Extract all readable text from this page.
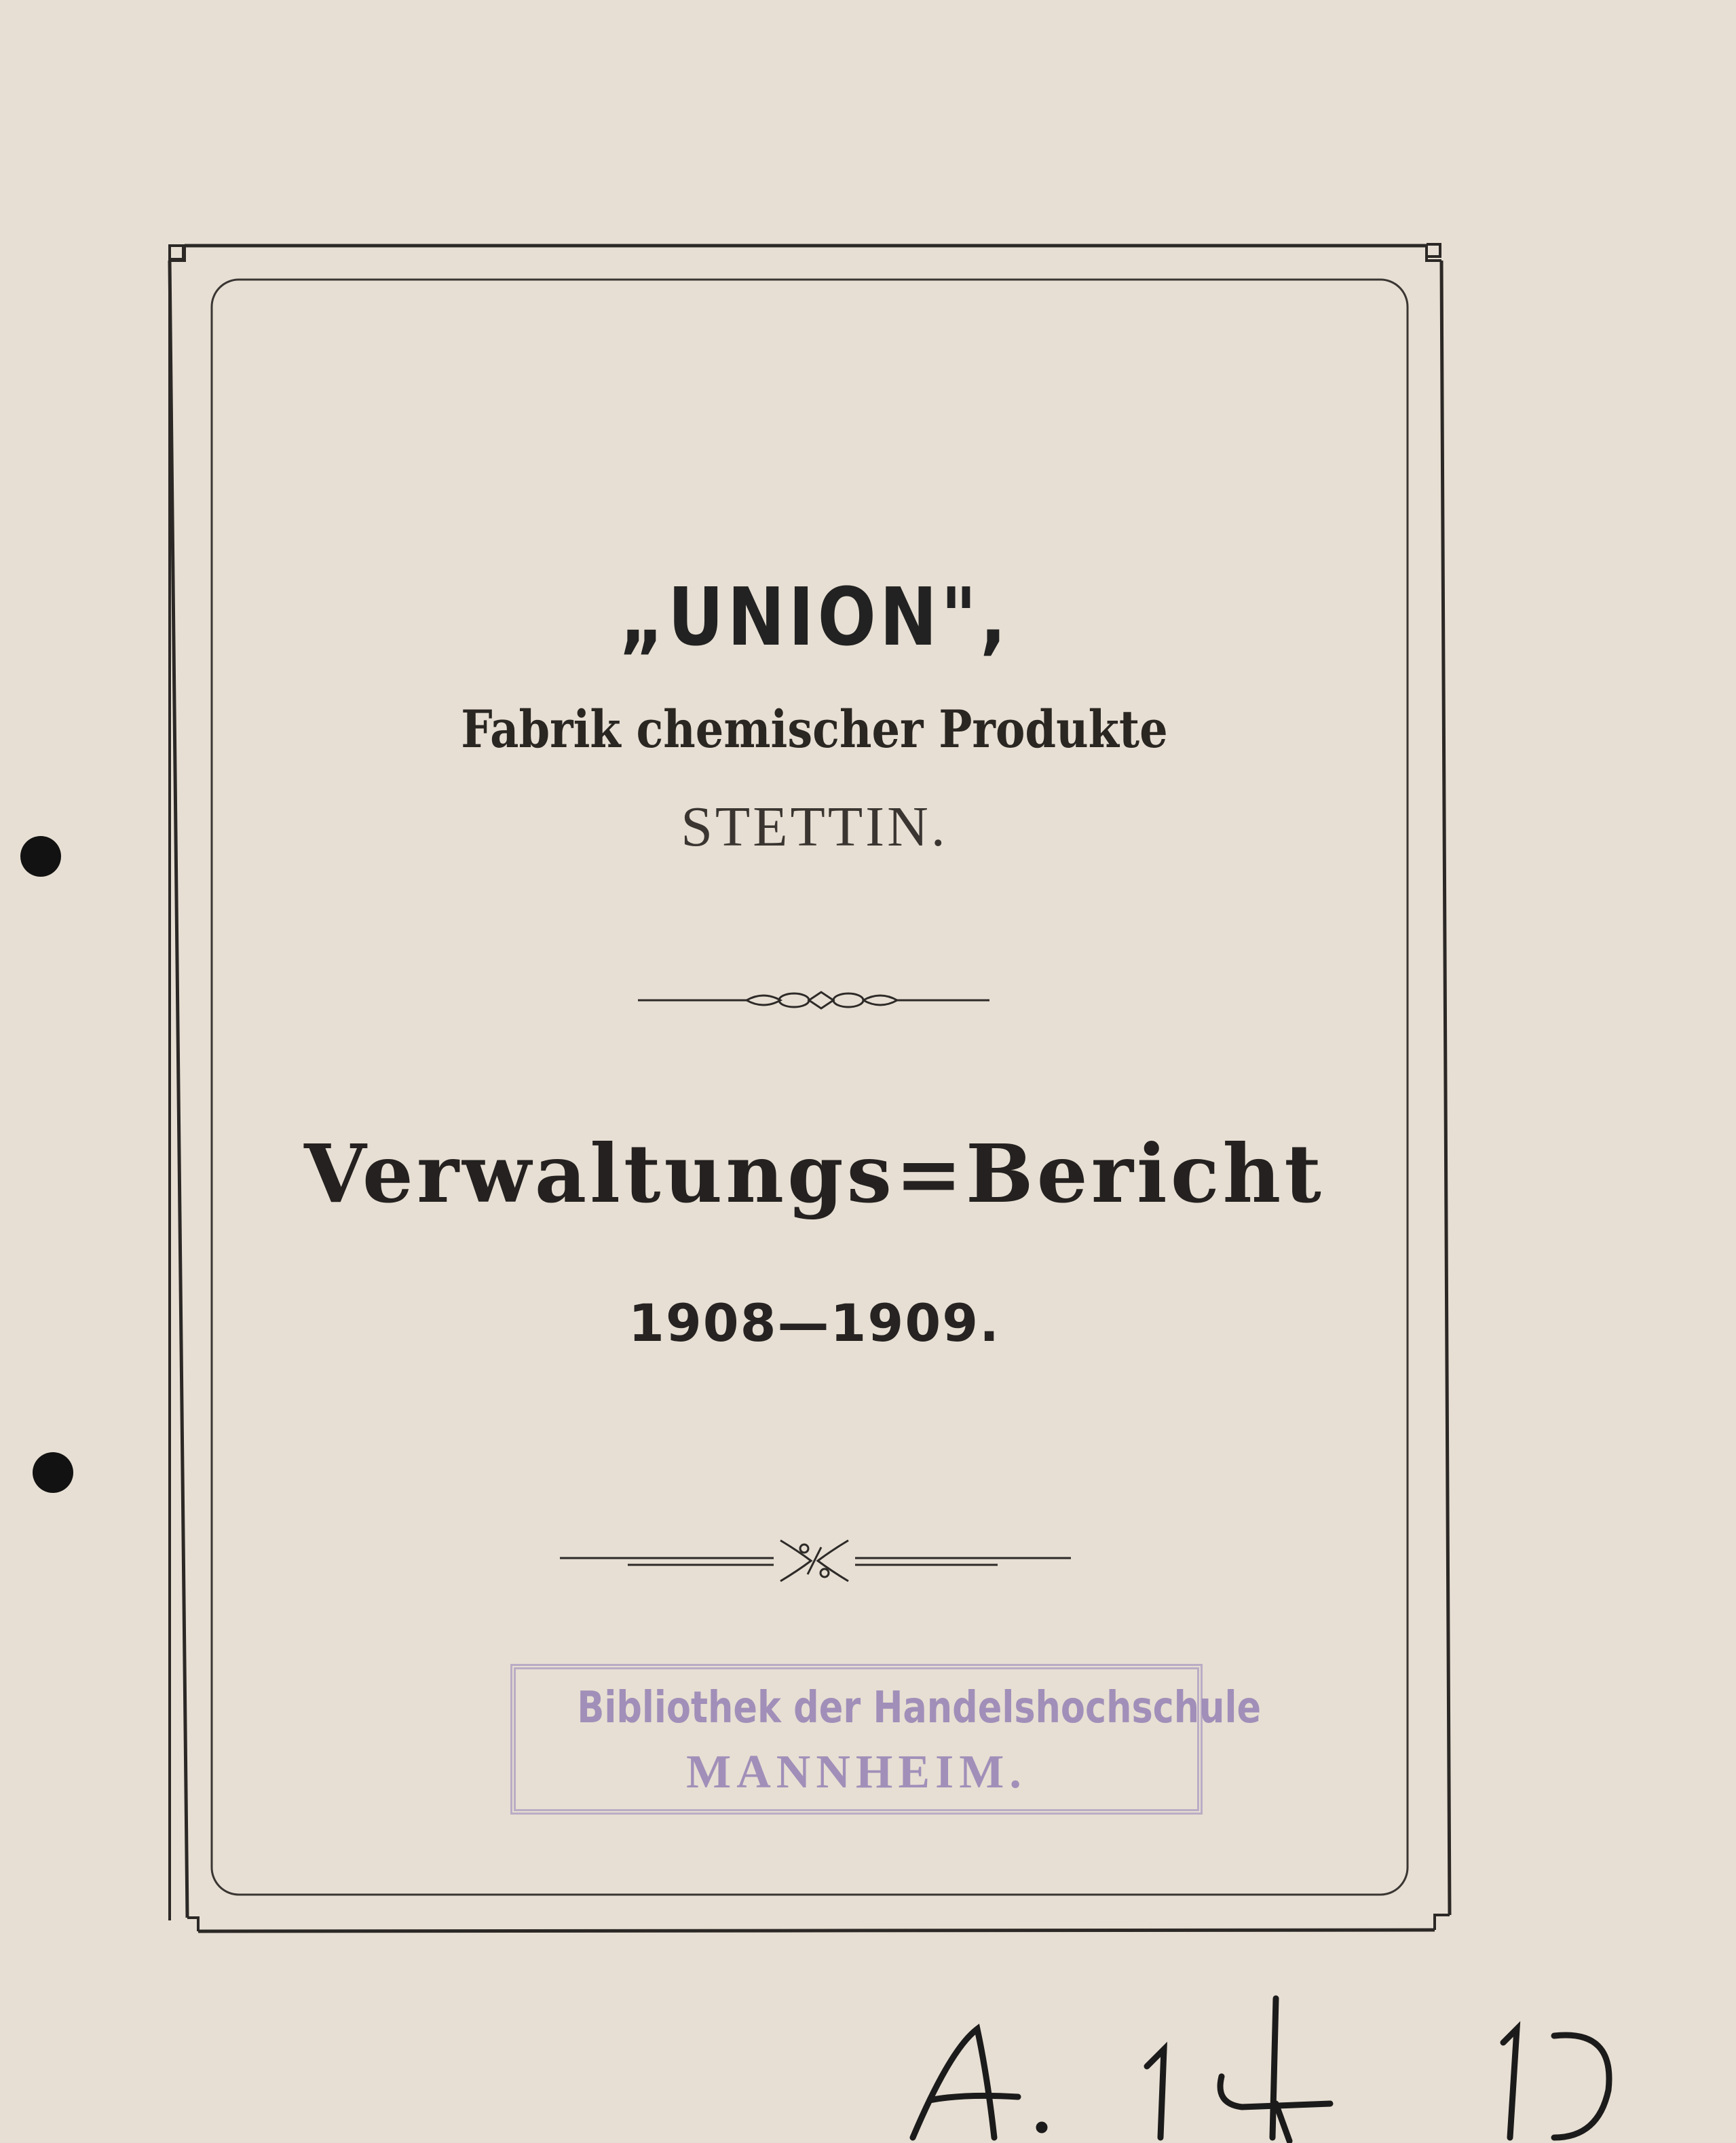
„UNION",
Fabrik chemischer Produkte
STETTIN.
Verwaltungs=Bericht
1908—1909.
Bibliothek der Handelshochschule
MANNHEIM.
